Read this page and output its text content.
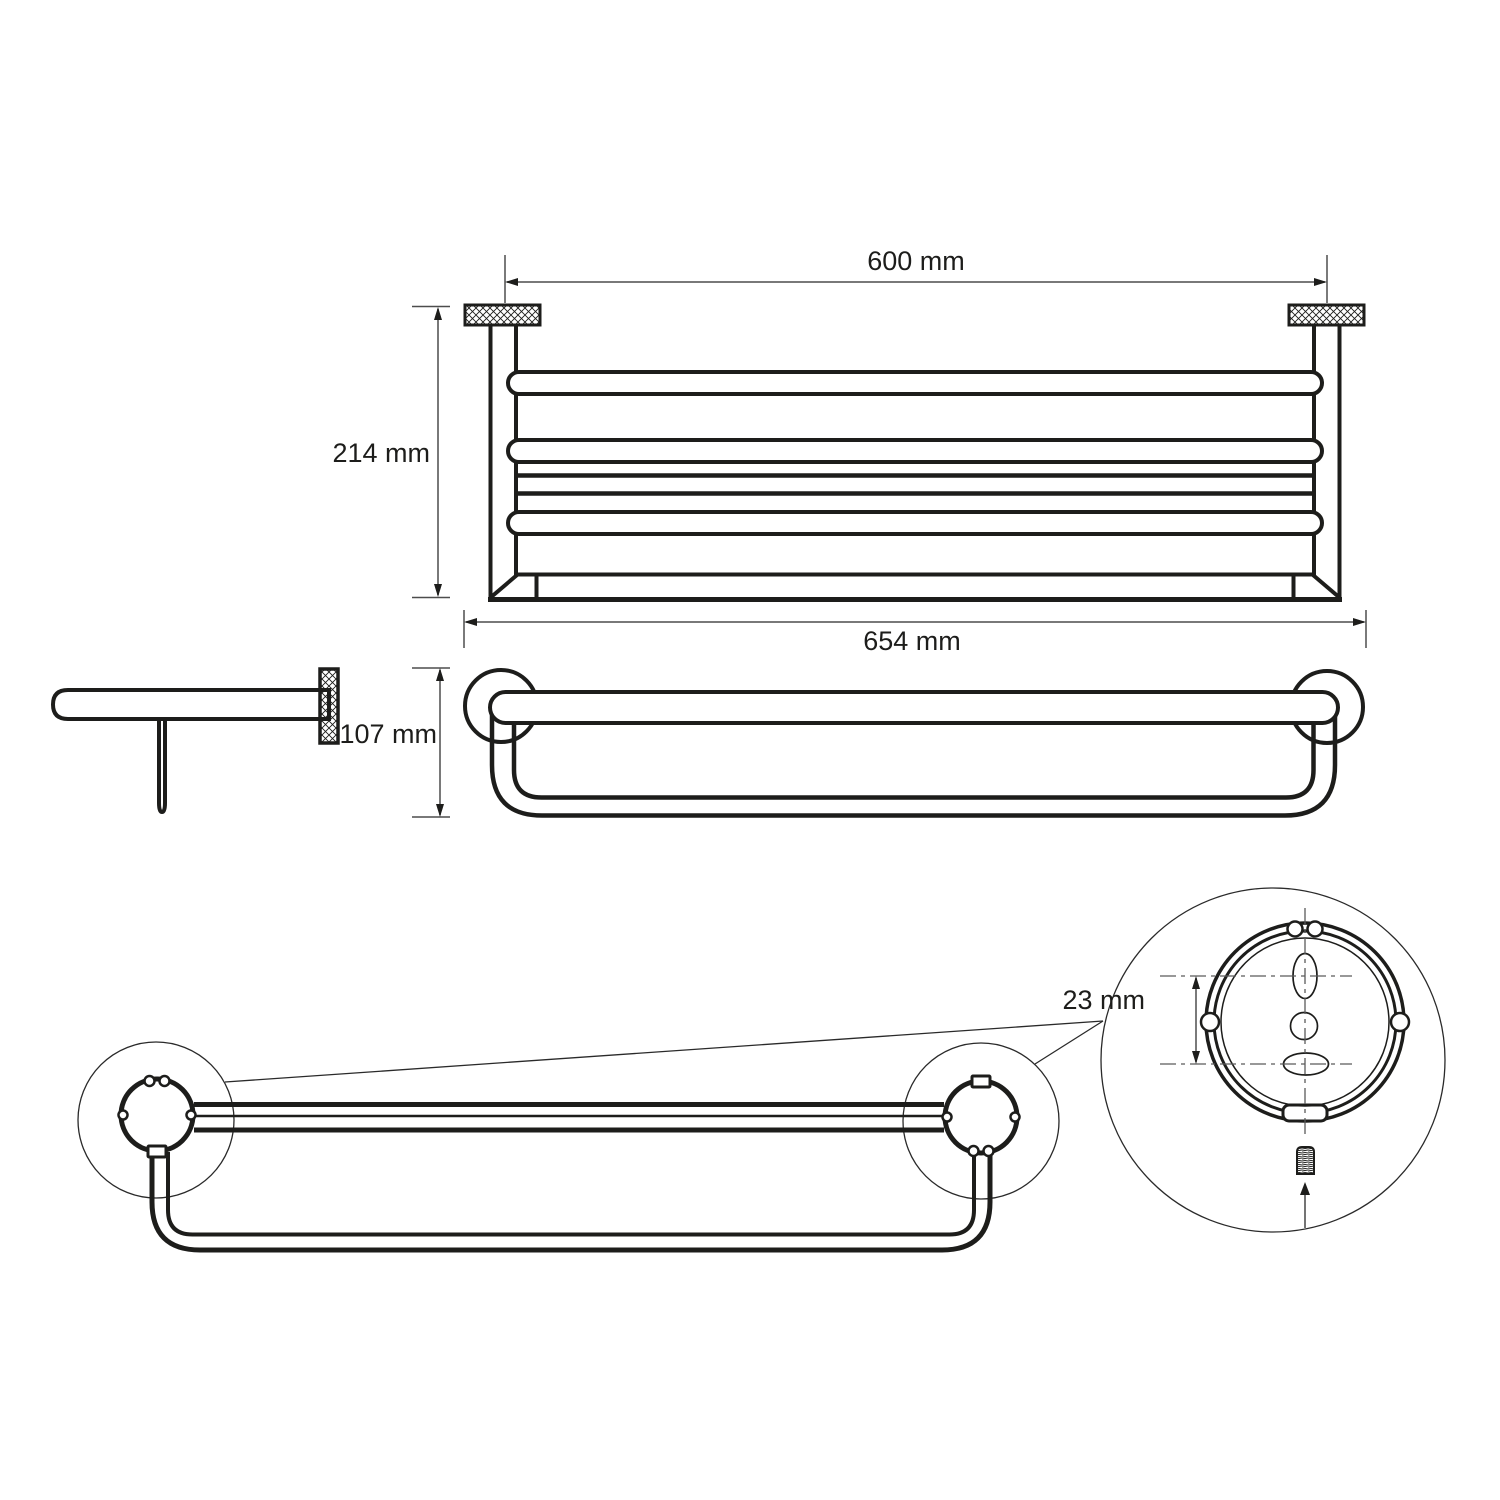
600 mm
214 mm
654 mm
107 mm
23 mm
